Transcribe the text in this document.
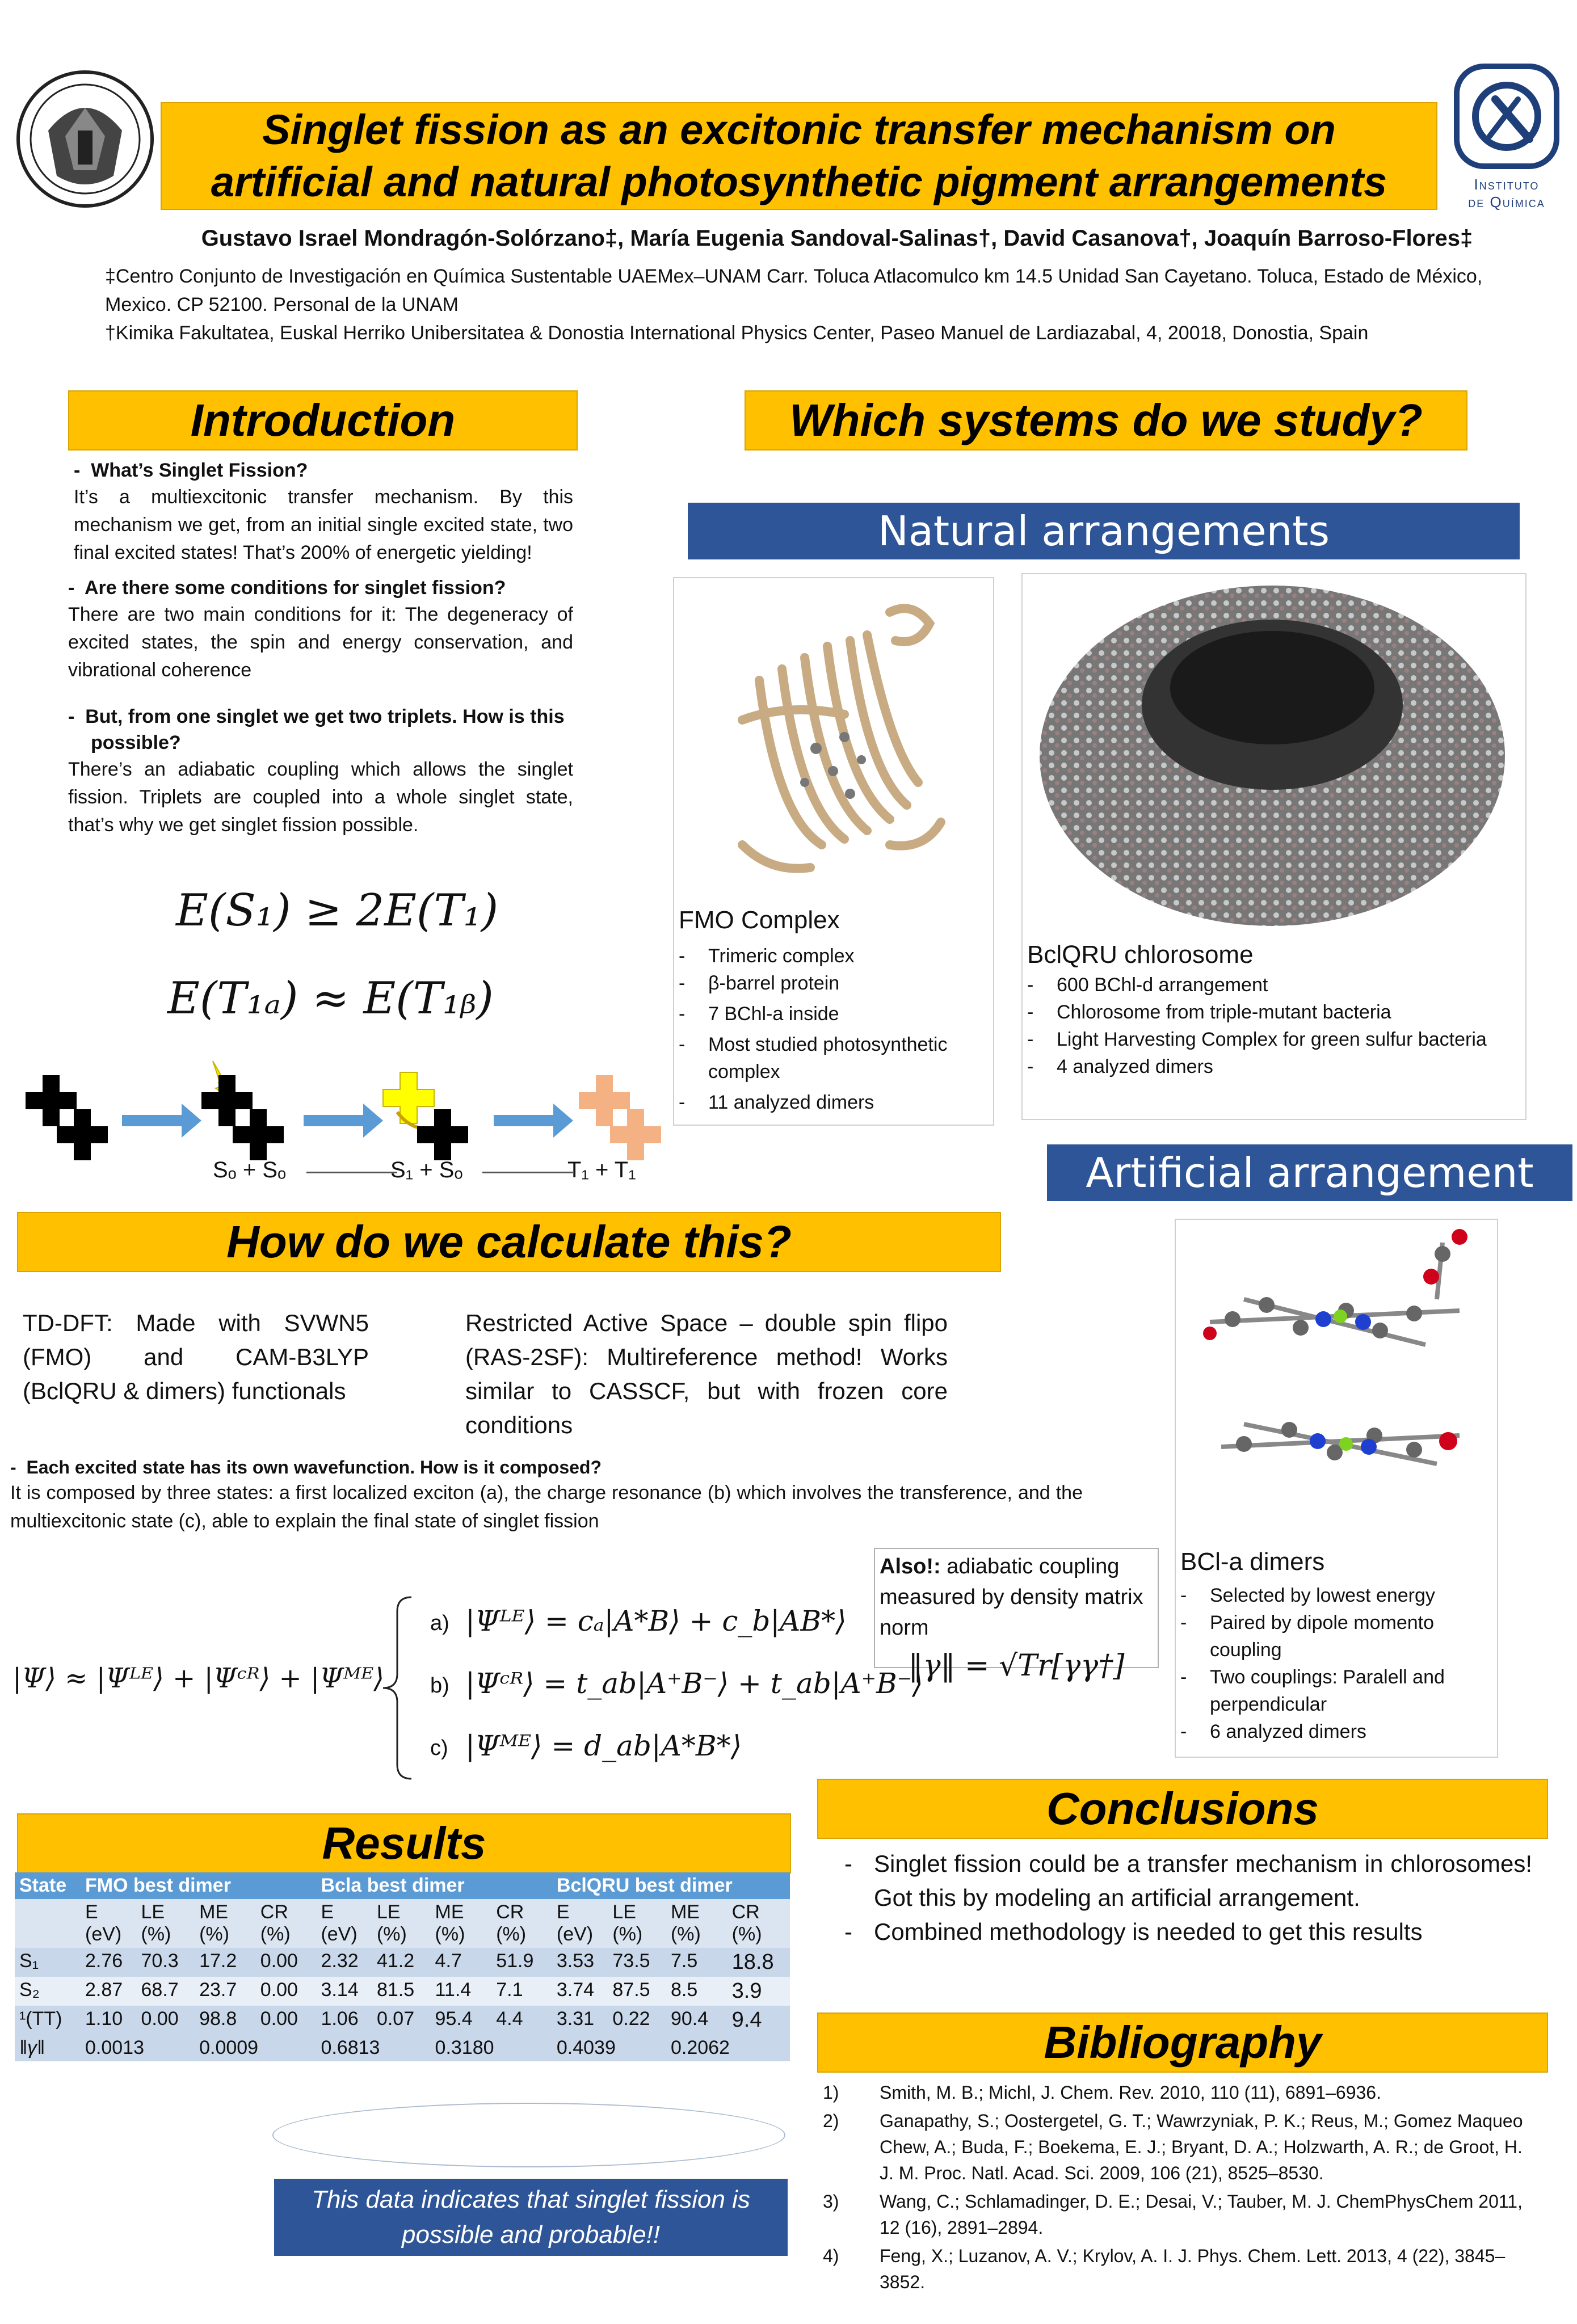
Singlet fission as an excitonic transfer mechanism on
artificial and natural photosynthetic pigment arrangements	Instituto
de Química
Gustavo Israel Mondragón-Solórzano‡, María Eugenia Sandoval-Salinas†, David Casanova†, Joaquín Barroso-Flores‡
‡Centro Conjunto de Investigación en Química Sustentable UAEMex–UNAM Carr. Toluca Atlacomulco km 14.5 Unidad San Cayetano. Toluca, Estado de México, Mexico. CP 52100. Personal de la UNAM
†Kimika Fakultatea, Euskal Herriko Unibersitatea & Donostia International Physics Center, Paseo Manuel de Lardiazabal, 4, 20018, Donostia, Spain
Introduction
-  What’s Singlet Fission?
It’s a multiexcitonic transfer mechanism. By this mechanism we get, from an initial single excited state, two final excited states! That’s 200% of energetic yielding!
-  Are there some conditions for singlet fission?
There are two main conditions for it: The degeneracy of excited states, the spin and energy conservation, and vibrational coherence
-  But, from one singlet we get two triplets. How is this possible?
There’s an adiabatic coupling which allows the singlet fission. Triplets are coupled into a whole singlet state, that’s why we get singlet fission possible.
E(S₁) ≥ 2E(T₁)
E(T₁ₐ) ≈ E(T₁ᵦ)
Sₒ + Sₒ	S₁ + Sₒ	T₁ + T₁
Which systems do we study?
Natural arrangements
FMO Complex
- Trimeric complex
- β-barrel protein
- 7 BChl-a inside
- Most studied photosynthetic complex
- 11 analyzed dimers
BclQRU chlorosome
- 600 BChl-d arrangement
- Chlorosome from triple-mutant bacteria
- Light Harvesting Complex for green sulfur bacteria
- 4 analyzed dimers
Artificial arrangement
BCl-a dimers
- Selected by lowest energy
- Paired by dipole momento coupling
- Two couplings: Paralell and perpendicular
- 6 analyzed dimers
How do we calculate this?
TD-DFT: Made with SVWN5 (FMO) and CAM-B3LYP (BclQRU & dimers) functionals
Restricted Active Space – double spin flipo (RAS-2SF): Multireference method! Works similar to CASSCF, but with frozen core conditions
-  Each excited state has its own wavefunction. How is it composed?
It is composed by three states: a first localized exciton (a), the charge resonance (b) which involves the transference, and the multiexcitonic state (c), able to explain the final state of singlet fission
|Ψ⟩ ≈ |Ψᴸᴱ⟩ + |Ψᶜᴿ⟩ + |Ψᴹᴱ⟩
a) |Ψᴸᴱ⟩ = cₐ|A*B⟩ + c_b|AB*⟩
b) |Ψᶜᴿ⟩ = t_ab|A⁺B⁻⟩ + t_ab|A⁺B⁻⟩
c) |Ψᴹᴱ⟩ = d_ab|A*B*⟩
Also!: adiabatic coupling measured by density matrix norm
‖γ‖ = √Tr[γγ†]
Results
State	FMO best dimer				Bcla best dimer				BclQRU best dimer			
	E (eV)	LE (%)	ME (%)	CR (%)	E (eV)	LE (%)	ME (%)	CR (%)	E (eV)	LE (%)	ME (%)	CR (%)
S₁	2.76	70.3	17.2	0.00	2.32	41.2	4.7	51.9	3.53	73.5	7.5	18.8
S₂	2.87	68.7	23.7	0.00	3.14	81.5	11.4	7.1	3.74	87.5	8.5	3.9
¹(TT)	1.10	0.00	98.8	0.00	1.06	0.07	95.4	4.4	3.31	0.22	90.4	9.4
‖γ‖	0.0013		0.0009		0.6813		0.3180		0.4039		0.2062	
This data indicates that singlet fission is possible and probable!!
Conclusions
- Singlet fission could be a transfer mechanism in chlorosomes! Got this by modeling an artificial arrangement.
- Combined methodology is needed to get this results
Bibliography
1)	Smith, M. B.; Michl, J. Chem. Rev. 2010, 110 (11), 6891–6936.
2)	Ganapathy, S.; Oostergetel, G. T.; Wawrzyniak, P. K.; Reus, M.; Gomez Maqueo Chew, A.; Buda, F.; Boekema, E. J.; Bryant, D. A.; Holzwarth, A. R.; de Groot, H. J. M. Proc. Natl. Acad. Sci. 2009, 106 (21), 8525–8530.
3)	Wang, C.; Schlamadinger, D. E.; Desai, V.; Tauber, M. J. ChemPhysChem 2011, 12 (16), 2891–2894.
4)	Feng, X.; Luzanov, A. V.; Krylov, A. I. J. Phys. Chem. Lett. 2013, 4 (22), 3845–3852.
